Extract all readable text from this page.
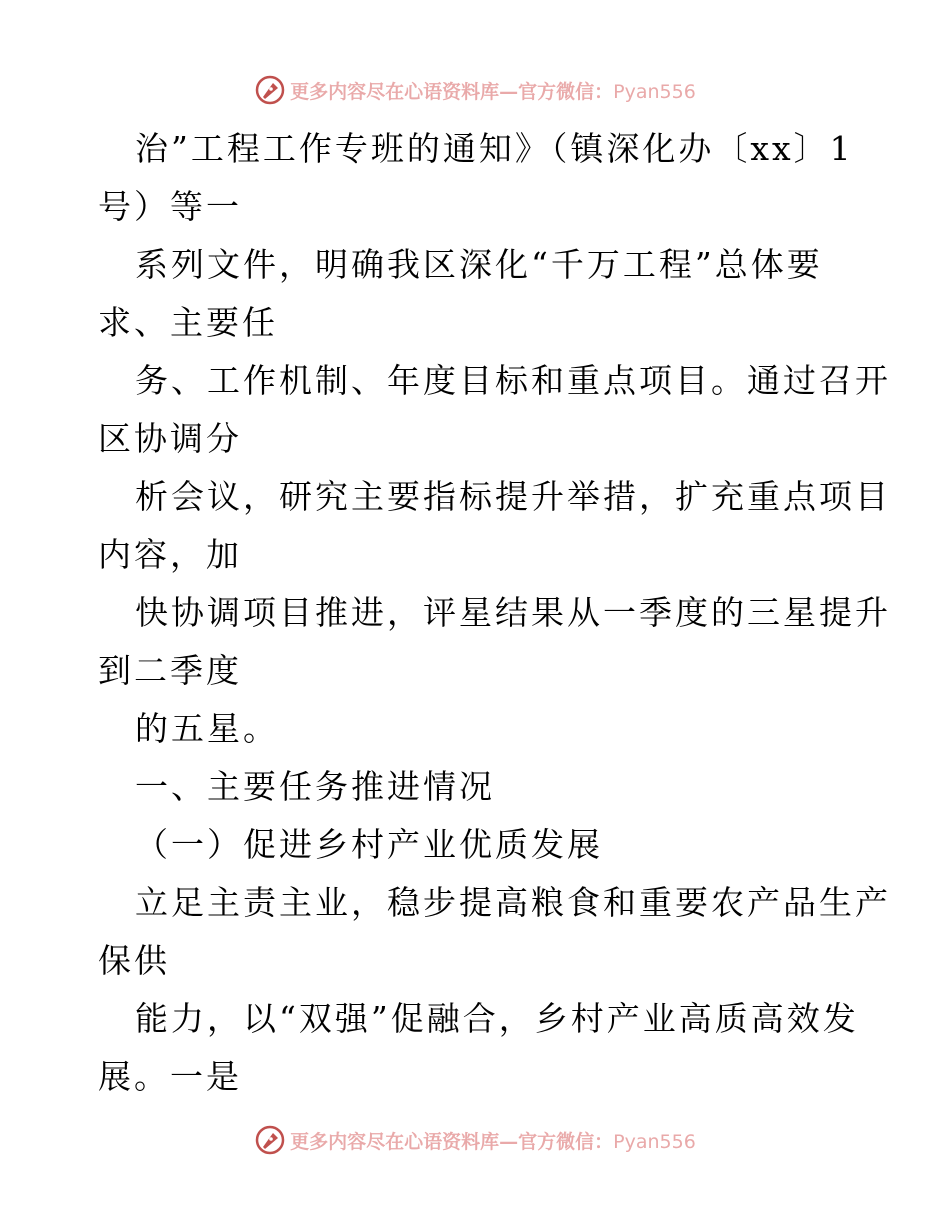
更多内容尽在心语资料库—官方微信：Pyan556
治”工程工作专班的通知》（镇深化办〔xx〕1
号）等一
系列文件，明确我区深化“千万工程”总体要
求、主要任
务、工作机制、年度目标和重点项目。通过召开
区协调分
析会议，研究主要指标提升举措，扩充重点项目
内容，加
快协调项目推进，评星结果从一季度的三星提升
到二季度
的五星。
一、主要任务推进情况
（一）促进乡村产业优质发展
立足主责主业，稳步提高粮食和重要农产品生产
保供
能力，以“双强”促融合，乡村产业高质高效发
展。一是
更多内容尽在心语资料库—官方微信：Pyan556
